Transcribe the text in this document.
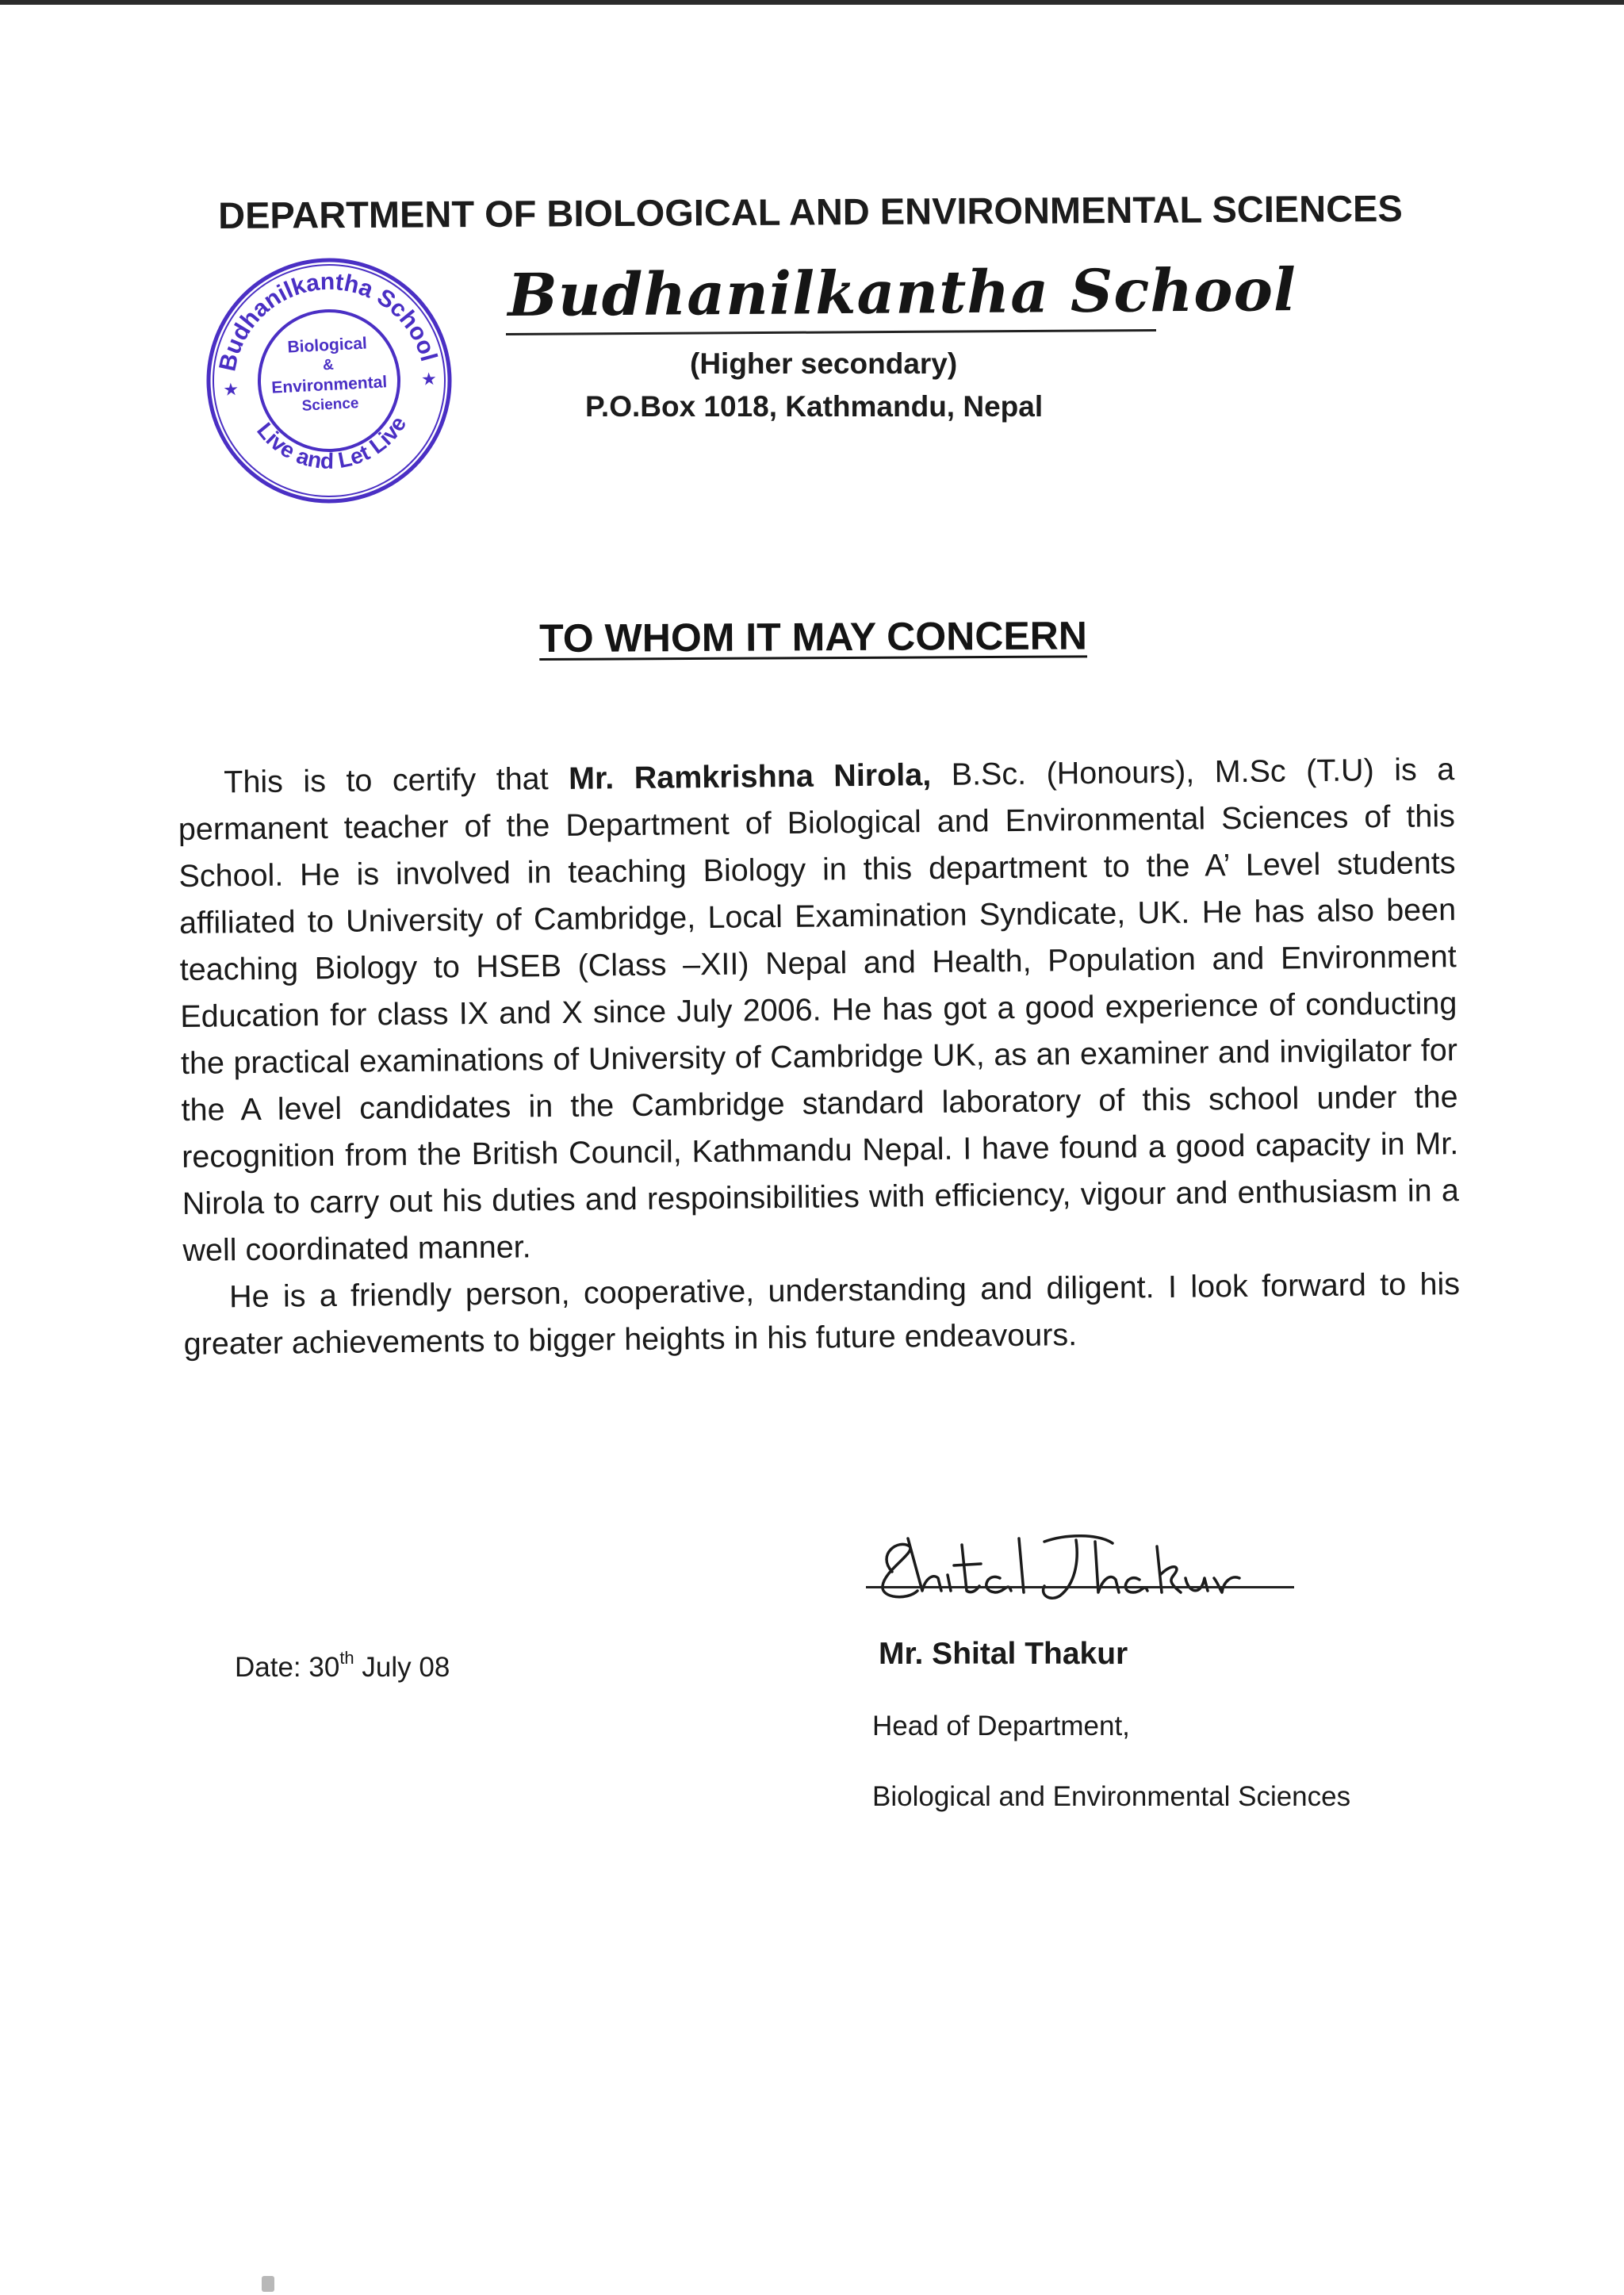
DEPARTMENT OF BIOLOGICAL AND ENVIRONMENTAL SCIENCES
Budhanilkantha School
Live and Let Live
★
★
Biological
&
Environmental
Science
Budhanilkantha School
(Higher secondary)
P.O.Box 1018, Kathmandu, Nepal
TO WHOM IT MAY CONCERN

This is to certify that Mr. Ramkrishna Nirola, B.Sc. (Honours), M.Sc (T.U) is a permanent teacher of the Department of Biological and Environmental Sciences of this School. He is involved in teaching Biology in this department to the A’ Level students affiliated to University of Cambridge, Local Examination Syndicate, UK. He has also been teaching Biology to HSEB (Class –XII) Nepal and Health, Population and Environment Education for class IX and X since July 2006. He has got a good experience of conducting the practical examinations of University of Cambridge UK, as an examiner and invigilator for the A level candidates in the Cambridge standard laboratory of this school under the recognition from the British Council, Kathmandu Nepal. I have found a good capacity in Mr. Nirola to carry out his duties and respoinsibilities with efficiency, vigour and enthusiasm in a well coordinated manner.

He is a friendly person, cooperative, understanding and diligent. I look forward to his greater achievements to bigger heights in his future endeavours.

Date: 30th July 08	Mr. Shital Thakur
Head of Department,
Biological and Environmental Sciences
